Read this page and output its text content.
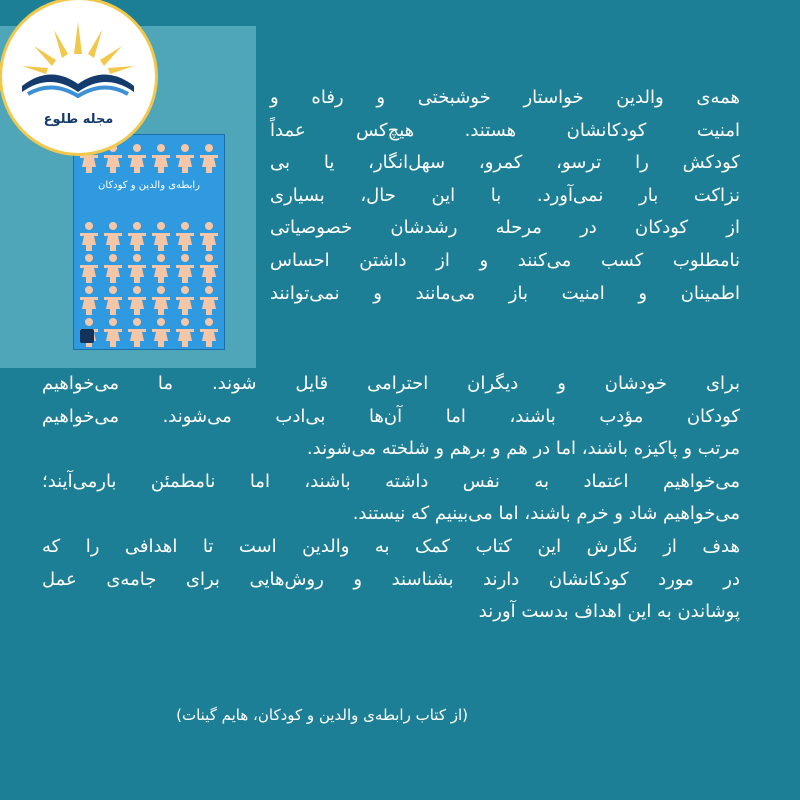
رابطه‌ی والدین و کودکان
مجله طلوع
همه‌ی والدین خواستار خوشبختی و رفاه و
امنیت کودکانشان هستند. هیچ‌کس عمداً
کودکش را ترسو، کمرو، سهل‌انگار، یا بی
نزاکت بار نمی‌آورد. با این حال، بسیاری
از کودکان در مرحله رشدشان خصوصیاتی
نامطلوب کسب می‌کنند و از داشتن احساس
اطمینان و امنیت باز می‌مانند و نمی‌توانند
برای خودشان و دیگران احترامی قایل شوند. ما می‌خواهیم
کودکان مؤدب باشند، اما آن‌ها بی‌ادب می‌شوند. می‌خواهیم
مرتب و پاکیزه باشند، اما در هم و برهم و شلخته می‌شوند.
می‌خواهیم اعتماد به نفس داشته باشند، اما نامطمئن بارمی‌آیند؛
می‌خواهیم شاد و خرم باشند، اما می‌بینیم که نیستند.
هدف از نگارش این کتاب کمک به والدین است تا اهدافی را که
در مورد کودکانشان دارند بشناسند و روش‌هایی برای جامه‌ی عمل
پوشاندن به این اهداف بدست آورند
(از کتاب رابطه‌ی والدین و کودکان، هایم گینات)
